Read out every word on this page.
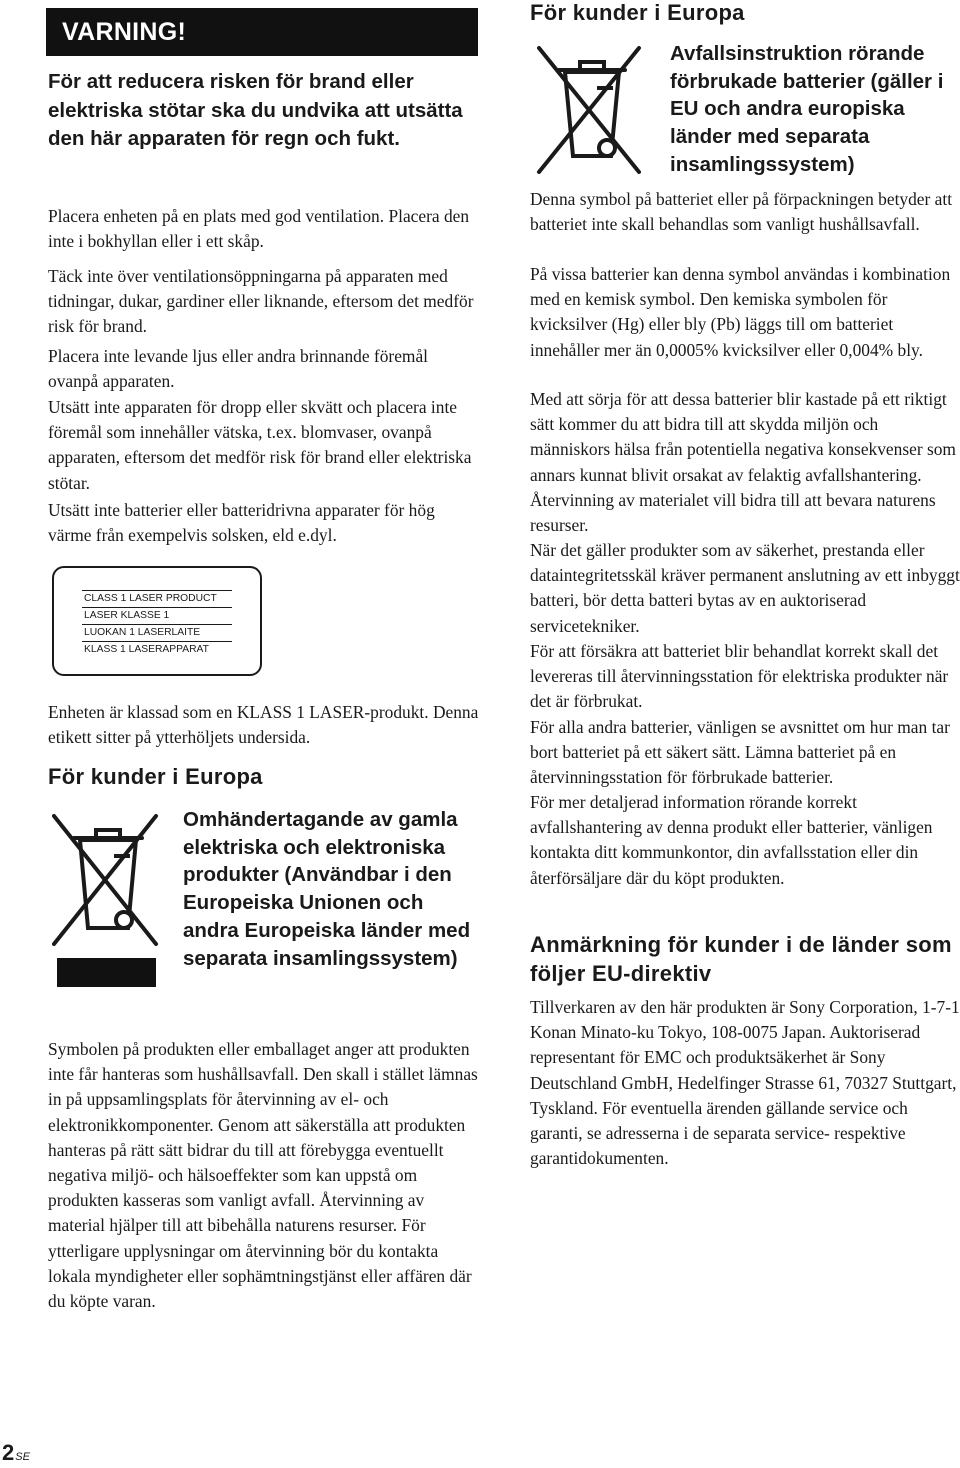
VARNING!

För att reducera risken för brand eller elektriska stötar ska du undvika att utsätta den här apparaten för regn och fukt.

Placera enheten på en plats med god ventilation. Placera den inte i bokhyllan eller i ett skåp.

Täck inte över ventilationsöppningarna på apparaten med tidningar, dukar, gardiner eller liknande, eftersom det medför risk för brand.

Placera inte levande ljus eller andra brinnande föremål ovanpå apparaten.

Utsätt inte apparaten för dropp eller skvätt och placera inte föremål som innehåller vätska, t.ex. blomvaser, ovanpå apparaten, eftersom det medför risk för brand eller elektriska stötar.

Utsätt inte batterier eller batteridrivna apparater för hög värme från exempelvis solsken, eld e.dyl.

CLASS 1 LASER PRODUCT
LASER KLASSE 1
LUOKAN 1 LASERLAITE
KLASS 1 LASERAPPARAT

Enheten är klassad som en KLASS 1 LASER-produkt. Denna etikett sitter på ytterhöljets undersida.

För kunder i Europa
Omhändertagande av gamla elektriska och elektroniska produkter (Användbar i den Europeiska Unionen och andra Europeiska länder med separata insamlingssystem)

Symbolen på produkten eller emballaget anger att produkten inte får hanteras som hushållsavfall. Den skall i stället lämnas in på uppsamlingsplats för återvinning av el- och elektronikkomponenter. Genom att säkerställa att produkten hanteras på rätt sätt bidrar du till att förebygga eventuellt negativa miljö- och hälsoeffekter som kan uppstå om produkten kasseras som vanligt avfall. Återvinning av material hjälper till att bibehålla naturens resurser. För ytterligare upplysningar om återvinning bör du kontakta lokala myndigheter eller sophämtningstjänst eller affären där du köpte varan.

För kunder i Europa
Avfallsinstruktion rörande förbrukade batterier (gäller i EU och andra europiska länder med separata insamlingssystem)

Denna symbol på batteriet eller på förpackningen betyder att batteriet inte skall behandlas som vanligt hushållsavfall.

På vissa batterier kan denna symbol användas i kombination med en kemisk symbol. Den kemiska symbolen för kvicksilver (Hg) eller bly (Pb) läggs till om batteriet innehåller mer än 0,0005% kvicksilver eller 0,004% bly.

Med att sörja för att dessa batterier blir kastade på ett riktigt sätt kommer du att bidra till att skydda miljön och människors hälsa från potentiella negativa konsekvenser som annars kunnat blivit orsakat av felaktig avfallshantering. Återvinning av materialet vill bidra till att bevara naturens resurser.

När det gäller produkter som av säkerhet, prestanda eller dataintegritetsskäl kräver permanent anslutning av ett inbyggt batteri, bör detta batteri bytas av en auktoriserad servicetekniker.

För att försäkra att batteriet blir behandlat korrekt skall det levereras till återvinningsstation för elektriska produkter när det är förbrukat.

För alla andra batterier, vänligen se avsnittet om hur man tar bort batteriet på ett säkert sätt. Lämna batteriet på en återvinningsstation för förbrukade batterier.

För mer detaljerad information rörande korrekt avfallshantering av denna produkt eller batterier, vänligen kontakta ditt kommunkontor, din avfallsstation eller din återförsäljare där du köpt produkten.

Anmärkning för kunder i de länder som följer EU-direktiv

Tillverkaren av den här produkten är Sony Corporation, 1-7-1 Konan Minato-ku Tokyo, 108-0075 Japan. Auktoriserad representant för EMC och produktsäkerhet är Sony Deutschland GmbH, Hedelfinger Strasse 61, 70327 Stuttgart, Tyskland. För eventuella ärenden gällande service och garanti, se adresserna i de separata service- respektive garantidokumenten.

2 SE
